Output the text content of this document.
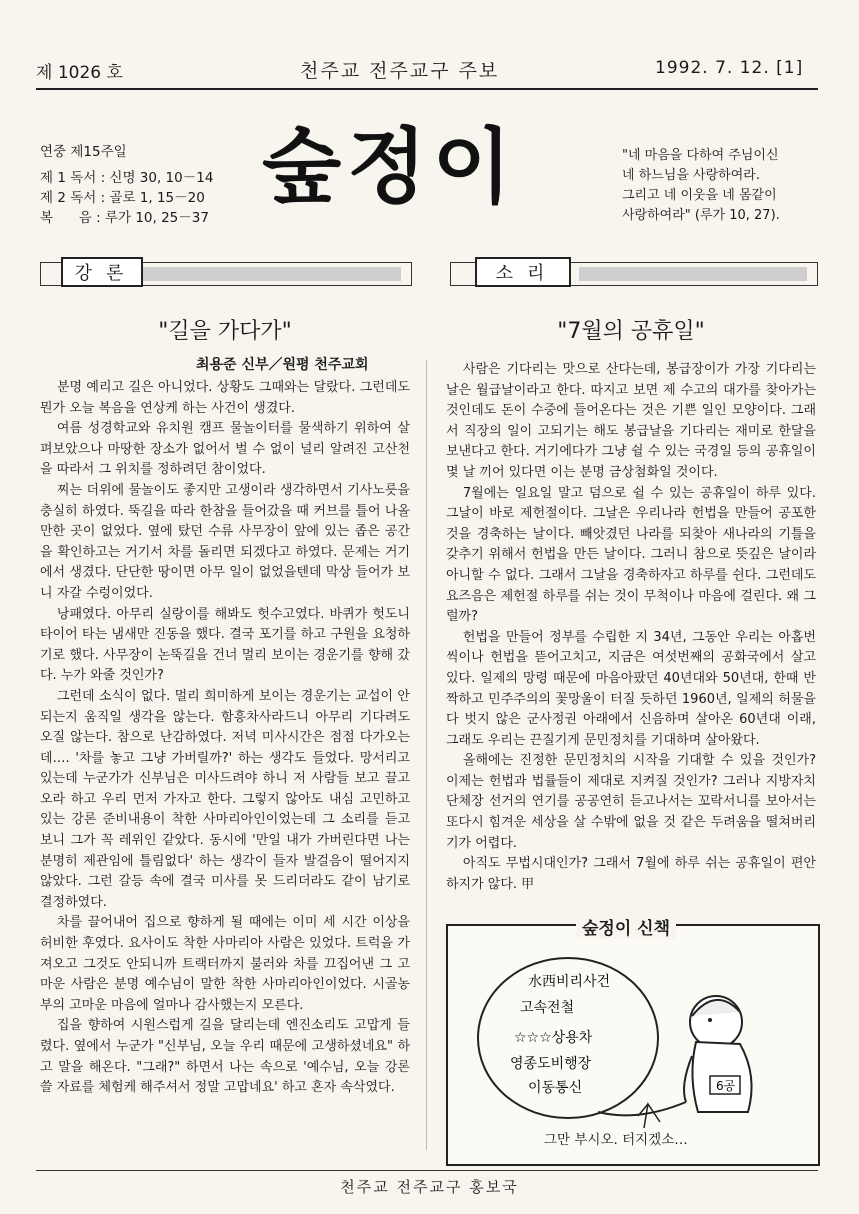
제 1026 호	천주교 전주교구 주보	1992. 7. 12. [1]
연중 제15주일
제 1 독서 : 신명 30, 10－14
제 2 독서 : 골로 1, 15－20
복      음 : 루가 10, 25－37
숲정이	"네 마음을 다하여 주님이신
네 하느님을 사랑하여라.
그리고 네 이웃을 네 몸같이
사랑하여라" (루가 10, 27).
강론	소리
"길을 가다가"
최용준 신부／원평 천주교회

분명 예리고 길은 아니었다. 상황도 그때와는 달랐다. 그런데도 뭔가 오늘 복음을 연상케 하는 사건이 생겼다.

여름 성경학교와 유치원 캠프 물놀이터를 물색하기 위하여 살펴보았으나 마땅한 장소가 없어서 벌 수 없이 널리 알려진 고산천을 따라서 그 위치를 정하려던 참이었다.

찌는 더위에 물놀이도 좋지만 고생이라 생각하면서 기사노릇을 충실히 하였다. 뚝길을 따라 한참을 들어갔을 때 커브를 틀어 나올 만한 곳이 없었다. 옆에 탔던 수류 사무장이 앞에 있는 좁은 공간을 확인하고는 거기서 차를 돌리면 되겠다고 하였다. 문제는 거기에서 생겼다. 단단한 땅이면 아무 일이 없었을텐데 막상 들어가 보니 자갈 수렁이었다.

낭패였다. 아무리 실랑이를 해봐도 헛수고였다. 바퀴가 헛도니 타이어 타는 냄새만 진동을 했다. 결국 포기를 하고 구원을 요청하기로 했다. 사무장이 논뚝길을 건너 멀리 보이는 경운기를 향해 갔다. 누가 와줄 것인가?

그런데 소식이 없다. 멀리 희미하게 보이는 경운기는 교섭이 안되는지 움직일 생각을 않는다. 함흥차사라드니 아무리 기다려도 오질 않는다. 참으로 난감하였다. 저녁 미사시간은 점점 다가오는데…. '차를 놓고 그냥 가버릴까?' 하는 생각도 들었다. 망서리고 있는데 누군가가 신부님은 미사드려야 하니 저 사람들 보고 끌고 오라 하고 우리 먼저 가자고 한다. 그렇지 않아도 내심 고민하고 있는 강론 준비내용이 착한 사마리아인이었는데 그 소리를 듣고 보니 그가 꼭 레위인 같았다. 동시에 '만일 내가 가버린다면 나는 분명히 제관임에 틀림없다' 하는 생각이 들자 발걸음이 떨어지지 않았다. 그런 갈등 속에 결국 미사를 못 드리더라도 같이 남기로 결정하였다.

차를 끌어내어 집으로 향하게 될 때에는 이미 세 시간 이상을 허비한 후였다. 요사이도 착한 사마리아 사람은 있었다. 트럭을 가져오고 그것도 안되니까 트랙터까지 불러와 차를 끄집어낸 그 고마운 사람은 분명 예수님이 말한 착한 사마리아인이었다. 시골농부의 고마운 마음에 얼마나 감사했는지 모른다.

집을 향하여 시원스럽게 길을 달리는데 엔진소리도 고맙게 들렸다. 옆에서 누군가 "신부님, 오늘 우리 때문에 고생하셨네요" 하고 말을 해온다. "그래?" 하면서 나는 속으로 '예수님, 오늘 강론 쓸 자료를 체험케 해주셔서 정말 고맙네요' 하고 혼자 속삭였다.

"7월의 공휴일"

사람은 기다리는 맛으로 산다는데, 봉급장이가 가장 기다리는 날은 월급날이라고 한다. 따지고 보면 제 수고의 대가를 찾아가는 것인데도 돈이 수중에 들어온다는 것은 기쁜 일인 모양이다. 그래서 직장의 일이 고되기는 해도 봉급날을 기다리는 재미로 한달을 보낸다고 한다. 거기에다가 그냥 쉴 수 있는 국경일 등의 공휴일이 몇 날 끼어 있다면 이는 분명 금상첨화일 것이다.

7월에는 일요일 말고 덤으로 쉴 수 있는 공휴일이 하루 있다. 그날이 바로 제헌절이다. 그날은 우리나라 헌법을 만들어 공포한 것을 경축하는 날이다. 빼앗겼던 나라를 되찾아 새나라의 기틀을 갖추기 위해서 헌법을 만든 날이다. 그러니 참으로 뜻깊은 날이라 아니할 수 없다. 그래서 그날을 경축하자고 하루를 쉰다. 그런데도 요즈음은 제헌절 하루를 쉬는 것이 무척이나 마음에 걸린다. 왜 그럴까?

헌법을 만들어 정부를 수립한 지 34년, 그동안 우리는 아홉번씩이나 헌법을 뜯어고치고, 지금은 여섯번째의 공화국에서 살고 있다. 일제의 망령 때문에 마음아팠던 40년대와 50년대, 한때 반짝하고 민주주의의 꽃망울이 터질 듯하던 1960년, 일제의 허물을 다 벗지 않은 군사정권 아래에서 신음하며 살아온 60년대 이래, 그래도 우리는 끈질기게 문민정치를 기대하며 살아왔다.

올해에는 진정한 문민정치의 시작을 기대할 수 있을 것인가? 이제는 헌법과 법률들이 제대로 지켜질 것인가? 그러나 지방자치단체장 선거의 연기를 공공연히 듣고나서는 꼬락서니를 보아서는 또다시 힘겨운 세상을 살 수밖에 없을 것 같은 두려움을 떨쳐버리기가 어렵다.

아직도 무법시대인가? 그래서 7월에 하루 쉬는 공휴일이 편안하지가 않다. 甲

水西비리사건
고속전철
☆☆☆상용차
영종도비행장
이동통신	6공
숲정이 신책
그만 부시오. 터지겠소…
천주교 전주교구 홍보국
